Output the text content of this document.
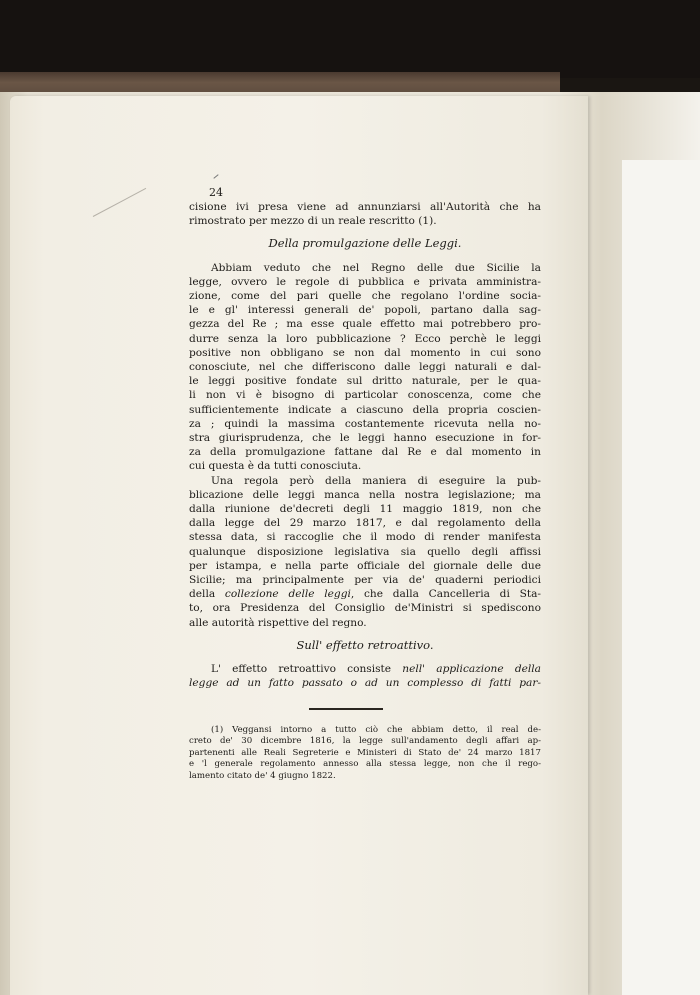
24
cisione ivi presa viene ad annunziarsi all'Autorità che ha
rimostrato per mezzo di un reale rescritto (1).
Della promulgazione delle Leggi.
Abbiam veduto che nel Regno delle due Sicilie la
legge, ovvero le regole di pubblica e privata amministra-
zione, come del pari quelle che regolano l'ordine socia-
le e gl' interessi generali de' popoli, partano dalla sag-
gezza del Re ; ma esse quale effetto mai potrebbero pro-
durre senza la loro pubblicazione ? Ecco perchè le leggi
positive non obbligano se non dal momento in cui sono
conosciute, nel che differiscono dalle leggi naturali e dal-
le leggi positive fondate sul dritto naturale, per le qua-
li non vi è bisogno di particolar conoscenza, come che
sufficientemente indicate a ciascuno della propria coscien-
za ; quindi la massima costantemente ricevuta nella no-
stra giurisprudenza, che le leggi hanno esecuzione in for-
za della promulgazione fattane dal Re e dal momento in
cui questa è da tutti conosciuta.
Una regola però della maniera di eseguire la pub-
blicazione delle leggi manca nella nostra legislazione; ma
dalla riunione de'decreti degli 11 maggio 1819, non che
dalla legge del 29 marzo 1817, e dal regolamento della
stessa data, si raccoglie che il modo di render manifesta
qualunque disposizione legislativa sia quello degli affissi
per istampa, e nella parte officiale del giornale delle due
Sicilie; ma principalmente per via de' quaderni periodici
della collezione delle leggi, che dalla Cancelleria di Sta-
to, ora Presidenza del Consiglio de'Ministri si spediscono
alle autorità rispettive del regno.
Sull' effetto retroattivo.
L' effetto retroattivo consiste nell' applicazione della
legge ad un fatto passato o ad un complesso di fatti par-
(1) Veggansi intorno a tutto ciò che abbiam detto, il real de-
creto de' 30 dicembre 1816, la legge sull'andamento degli affari ap-
partenenti alle Reali Segreterie e Ministeri di Stato de' 24 marzo 1817
e 'l generale regolamento annesso alla stessa legge, non che il rego-
lamento citato de' 4 giugno 1822.
